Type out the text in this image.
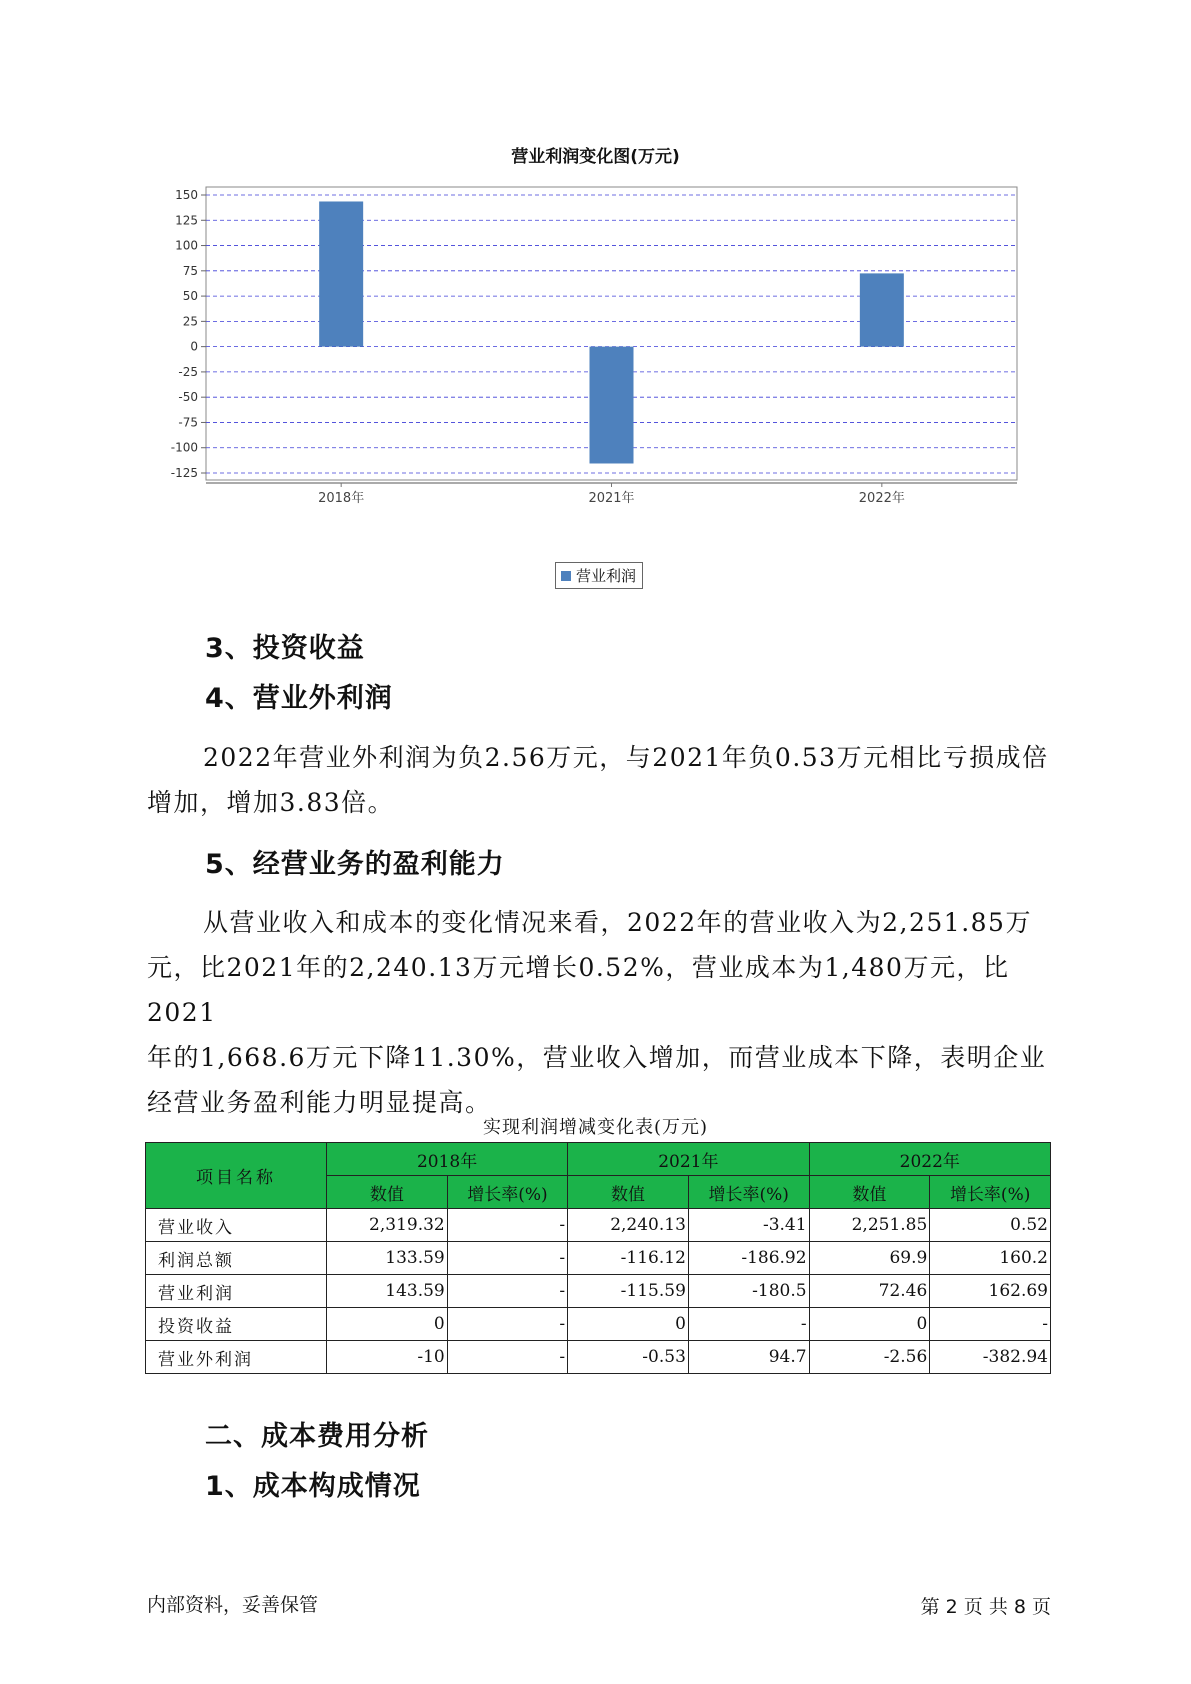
营业利润变化图(万元)
150
125
100
75
50
25
0
-25
-50
-75
-100
-125
2018年	2021年	2022年
营业利润
3、投资收益
4、营业外利润
2022年营业外利润为负2.56万元，与2021年负0.53万元相比亏损成倍
增加，增加3.83倍。
5、经营业务的盈利能力
从营业收入和成本的变化情况来看，2022年的营业收入为2,251.85万
元，比2021年的2,240.13万元增长0.52%，营业成本为1,480万元，比2021
年的1,668.6万元下降11.30%，营业收入增加，而营业成本下降，表明企业
经营业务盈利能力明显提高。
实现利润增减变化表(万元)
项目名称	2018年		2021年		2022年	
	数值	增长率(%)	数值	增长率(%)	数值	增长率(%)
营业收入	2,319.32	-	2,240.13	-3.41	2,251.85	0.52
利润总额	133.59	-	-116.12	-186.92	69.9	160.2
营业利润	143.59	-	-115.59	-180.5	72.46	162.69
投资收益	0	-	0	-	0	-
营业外利润	-10	-	-0.53	94.7	-2.56	-382.94
二、成本费用分析
1、成本构成情况
内部资料，妥善保管	第 2 页 共 8 页
